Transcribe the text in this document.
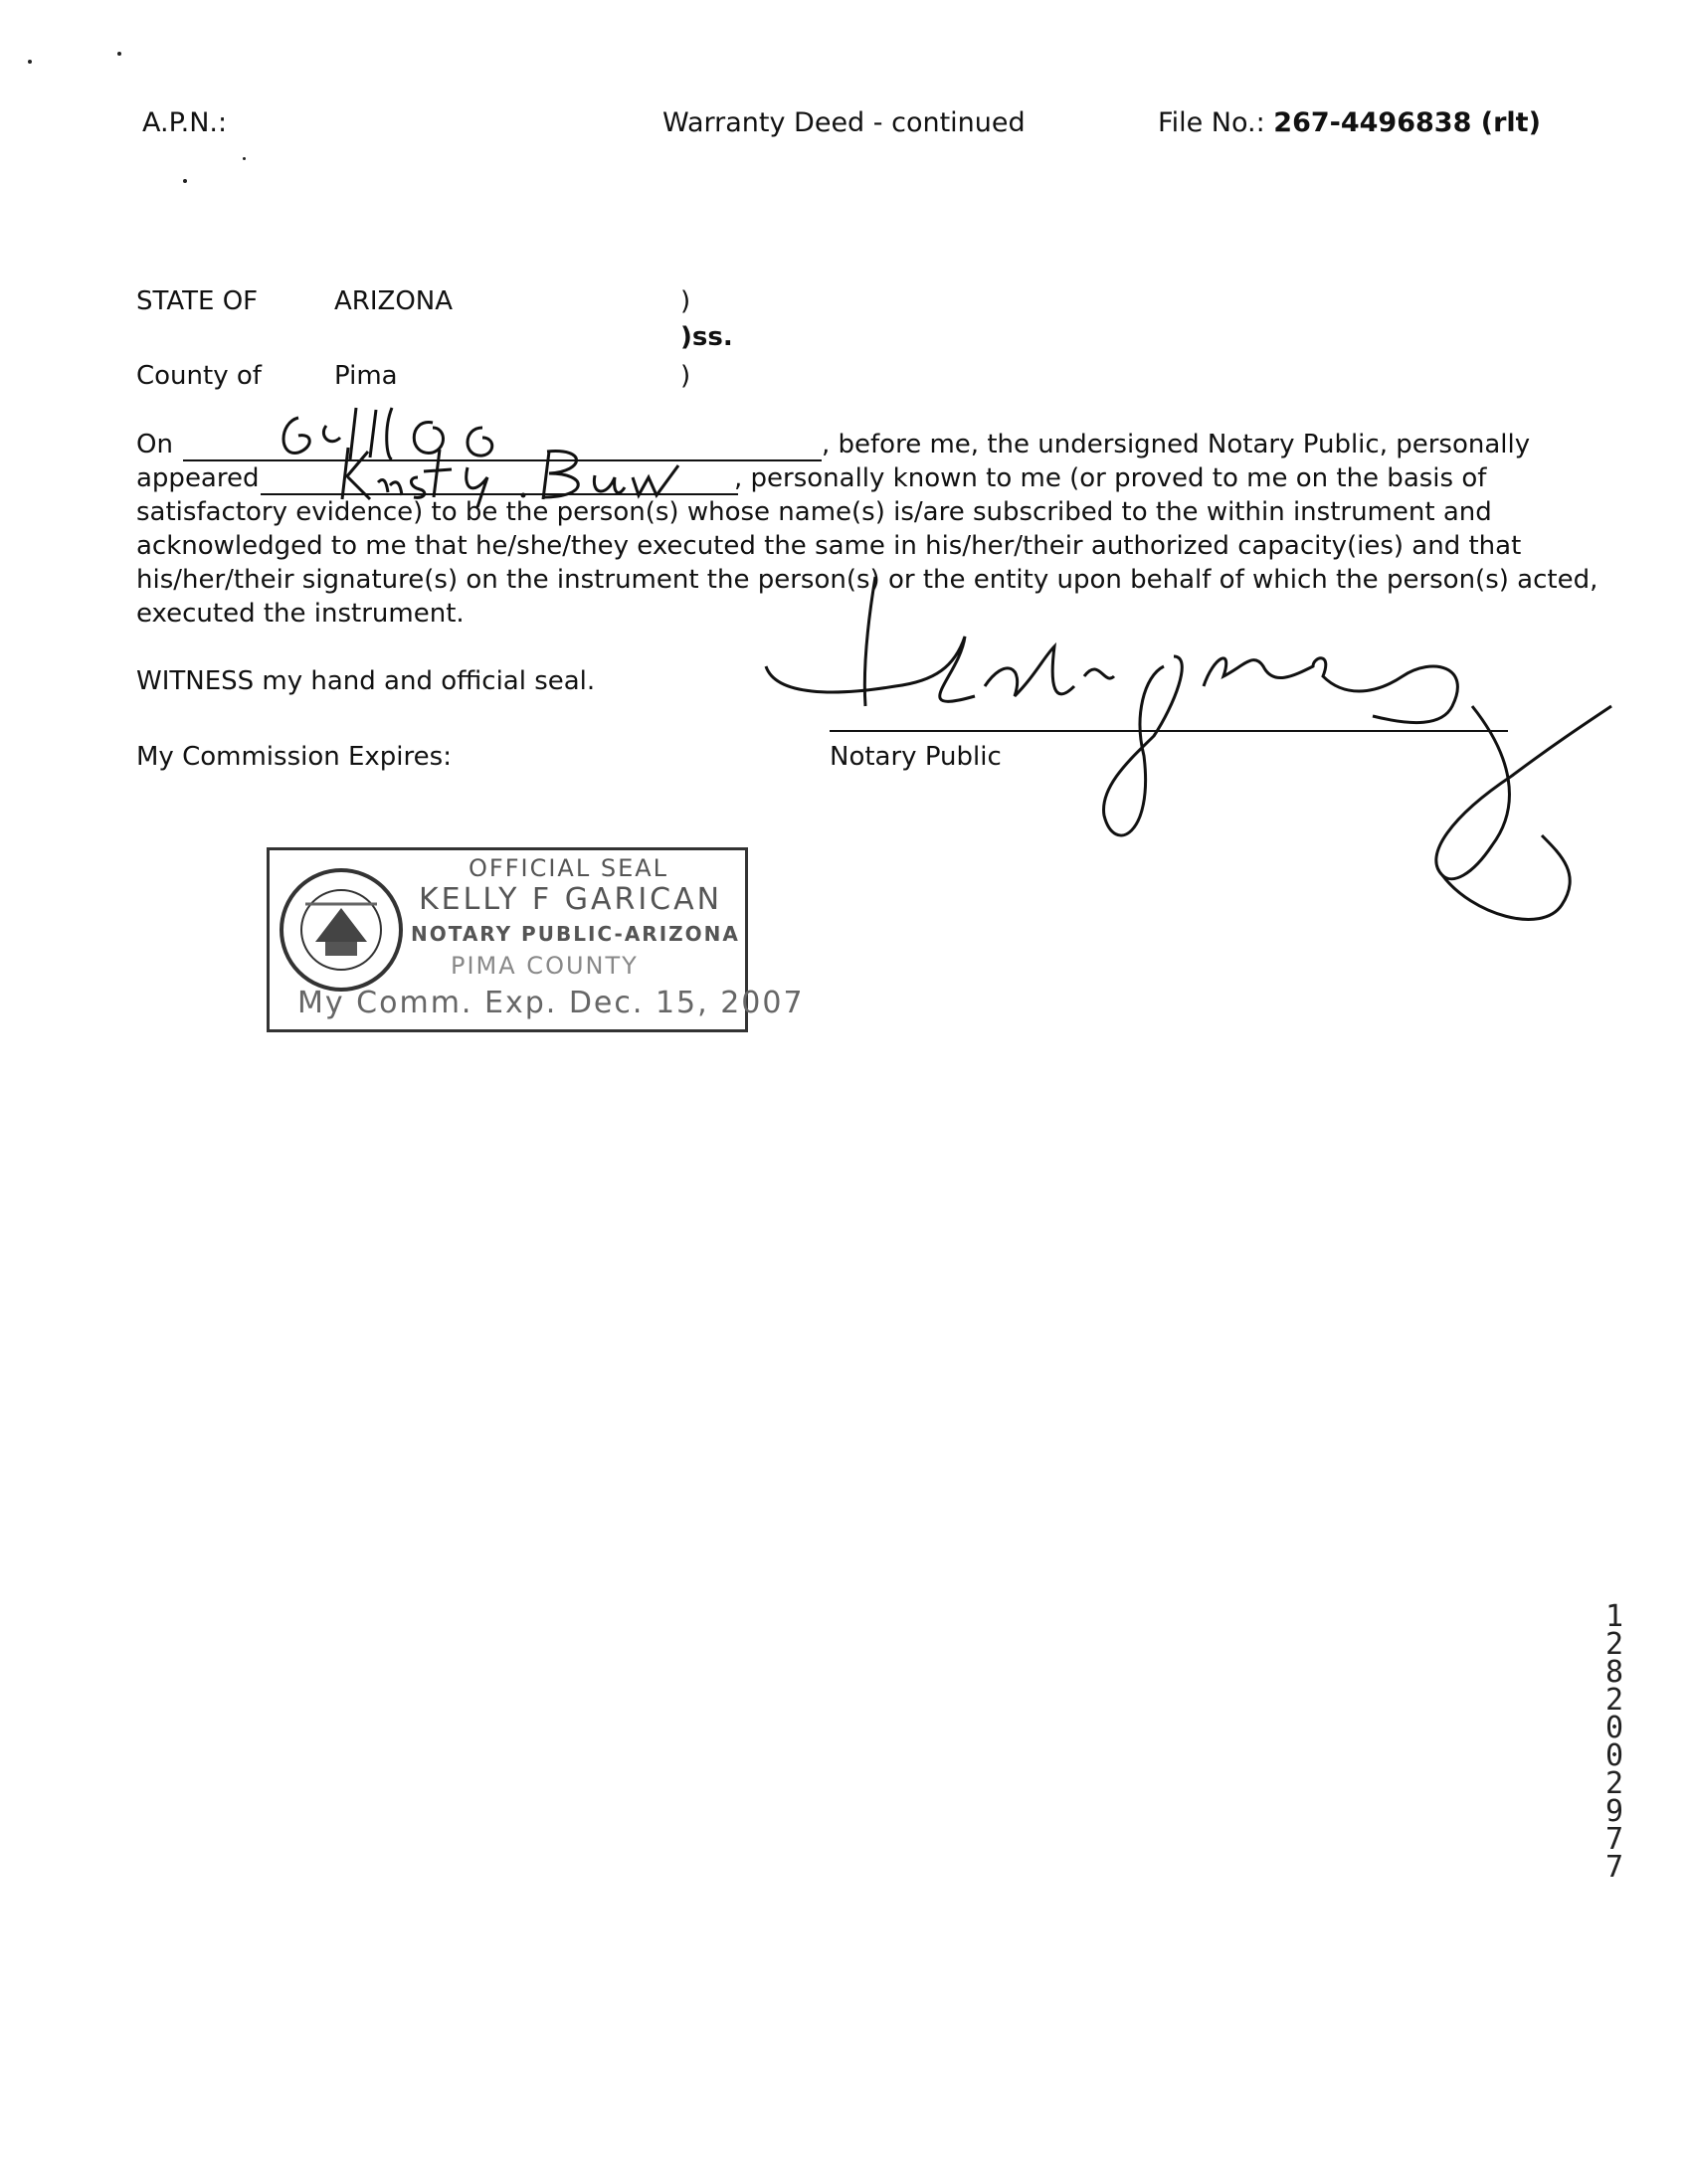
A.P.N.:	Warranty Deed - continued	File No.: 267-4496838 (rlt)
STATE OF	ARIZONA	)
)ss.
County of	Pima	)
On	, before me, the undersigned Notary Public, personally
appeared	, personally known to me (or proved to me on the basis of
satisfactory evidence) to be the person(s) whose name(s) is/are subscribed to the within instrument and
acknowledged to me that he/she/they executed the same in his/her/their authorized capacity(ies) and that
his/her/their signature(s) on the instrument the person(s) or the entity upon behalf of which the person(s) acted,
executed the instrument.
WITNESS my hand and official seal.
My Commission Expires:	Notary Public
OFFICIAL SEAL
KELLY F GARICAN
NOTARY PUBLIC-ARIZONA
PIMA COUNTY
My Comm. Exp. Dec. 15, 2007
12820 02977
